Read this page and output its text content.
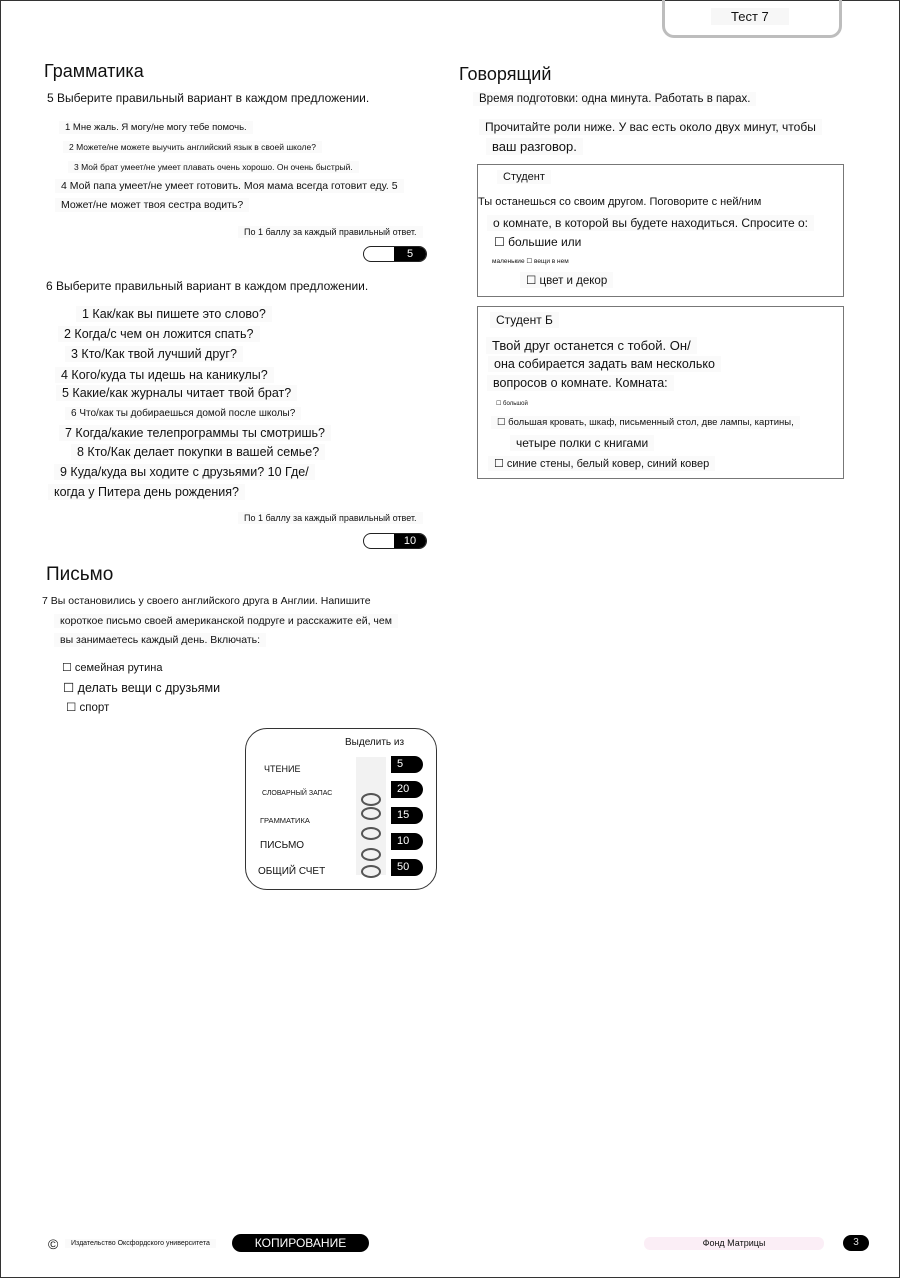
Тест 7
Грамматика
5 Выберите правильный вариант в каждом предложении.
1 Мне жаль. Я могу/не могу тебе помочь.
2 Можете/не можете выучить английский язык в своей школе?
3 Мой брат умеет/не умеет плавать очень хорошо. Он очень быстрый.
4 Мой папа умеет/не умеет готовить. Моя мама всегда готовит еду. 5
Может/не может твоя сестра водить?
По 1 баллу за каждый правильный ответ.
5
6 Выберите правильный вариант в каждом предложении.
1 Как/как вы пишете это слово?
2 Когда/с чем он ложится спать?
3 Кто/Как твой лучший друг?
4 Кого/куда ты идешь на каникулы?
5 Какие/как журналы читает твой брат?
6 Что/как ты добираешься домой после школы?
7 Когда/какие телепрограммы ты смотришь?
8 Кто/Как делает покупки в вашей семье?
9 Куда/куда вы ходите с друзьями? 10 Где/
когда у Питера день рождения?
По 1 баллу за каждый правильный ответ.
10
Письмо
7 Вы остановились у своего английского друга в Англии. Напишите
короткое письмо своей американской подруге и расскажите ей, чем
вы занимаетесь каждый день. Включать:
☐ семейная рутина
☐ делать вещи с друзьями
☐ спорт
Выделить из
ЧТЕНИЕ	5
СЛОВАРНЫЙ ЗАПАС	20
ГРАММАТИКА	15
ПИСЬМО	10
ОБЩИЙ СЧЕТ	50
Говорящий
Время подготовки: одна минута. Работать в парах.
Прочитайте роли ниже. У вас есть около двух минут, чтобы
ваш разговор.
Студент
Ты останешься со своим другом. Поговорите с ней/ним
о комнате, в которой вы будете находиться. Спросите о:
☐ большие или
маленькие ☐ вещи в нем
☐ цвет и декор
Студент Б
Твой друг останется с тобой. Он/
она собирается задать вам несколько
вопросов о комнате. Комната:
☐ большой
☐ большая кровать, шкаф, письменный стол, две лампы, картины,
четыре полки с книгами
☐ синие стены, белый ковер, синий ковер
©	Издательство Оксфордского университета	КОПИРОВАНИЕ	Фонд Матрицы	3
